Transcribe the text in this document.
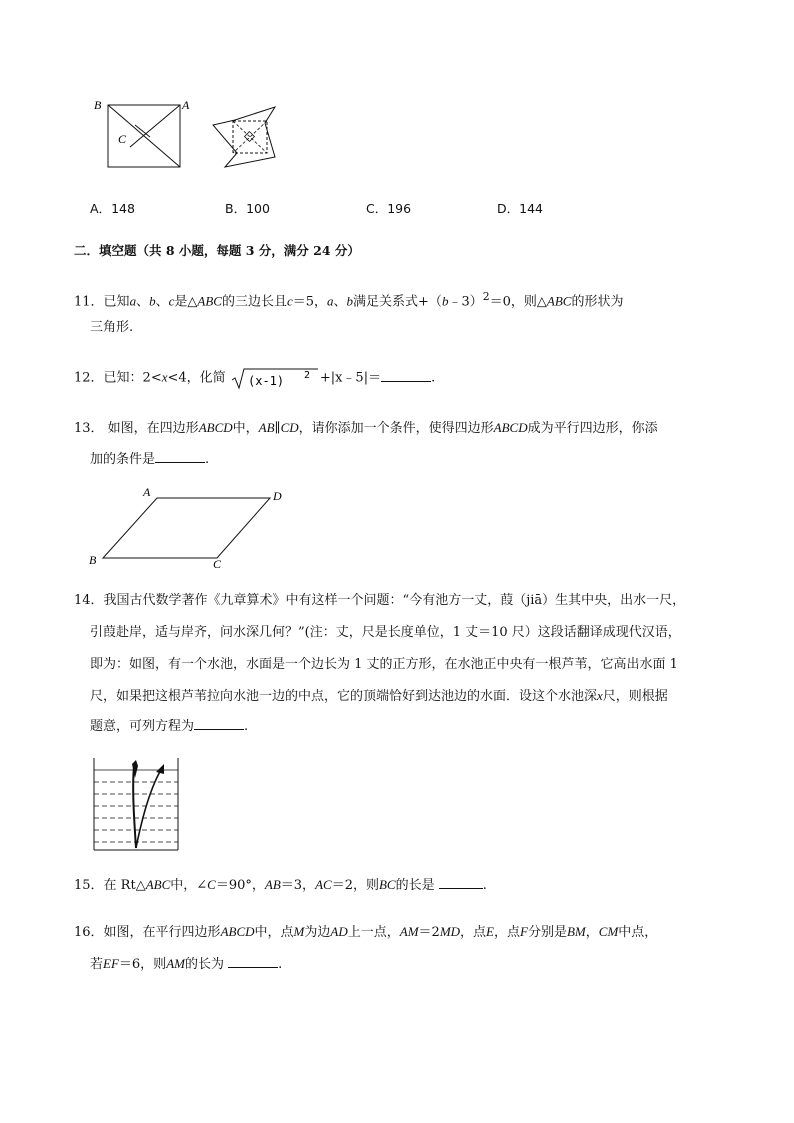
B	A
C
A．148	B．100	C．196	D．144
二．填空题（共 8 小题，每题 3 分，满分 24 分）
11．已知a、b、c是△ABC的三边长且c＝5，a、b满足关系式+（b﹣3）$^2$＝0，则△ABC的形状为
三角形.
12．已知：2<x<4，化简 (x-1) 2 +|x﹣5|＝	.
13． 如图，在四边形ABCD中，AB∥CD，请你添加一个条件，使得四边形ABCD成为平行四边形，你添
加的条件是	.
A	D
B	C
14．我国古代数学著作《九章算术》中有这样一个问题：“今有池方一丈，葭（jiā）生其中央，出水一尺，
引葭赴岸，适与岸齐，问水深几何？”(注：丈，尺是长度单位，1 丈＝10 尺）这段话翻译成现代汉语，
即为：如图，有一个水池，水面是一个边长为 1 丈的正方形，在水池正中央有一根芦苇，它高出水面 1
尺，如果把这根芦苇拉向水池一边的中点，它的顶端恰好到达池边的水面．设这个水池深x尺，则根据
题意，可列方程为	.
15．在 Rt△ABC中，∠C＝90°，AB＝3，AC＝2，则BC的长是	.
16．如图，在平行四边形ABCD中，点M为边AD上一点，AM＝2MD，点E，点F分别是BM，CM中点，
若EF＝6，则AM的长为	.
